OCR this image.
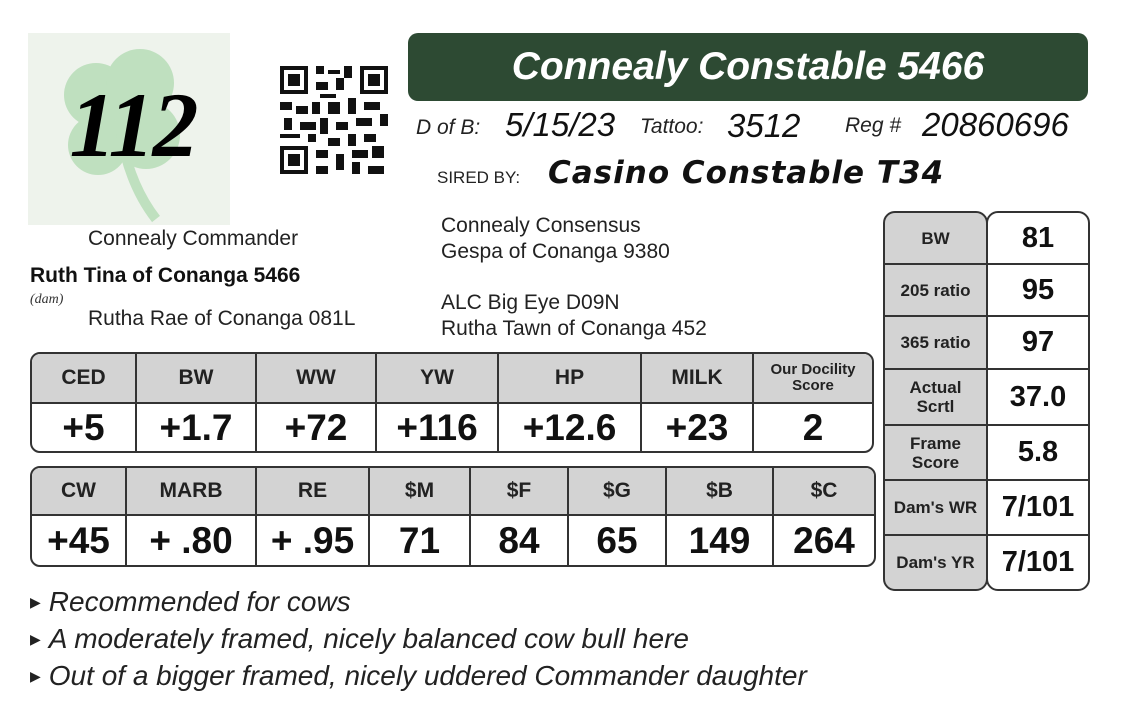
112
Connealy Constable 5466
D of B: 5/15/23 Tattoo: 3512 Reg # 20860696
SIRED BY: Casino Constable T34
Connealy Commander
Ruth Tina of Conanga 5466
(dam)
Rutha Rae of Conanga 081L
Connealy Consensus
Gespa of Conanga 9380
ALC Big Eye D09N
Rutha Tawn of Conanga 452
BW	81
205 ratio	95
365 ratio	97
Actual Scrtl	37.0
Frame Score	5.8
Dam's WR 7/101
Dam's YR 7/101
CED	BW	WW	YW	HP	MILK	Our Docility Score
+5	+1.7	+72	+116	+12.6	+23	2
CW	MARB	RE	$M	$F	$G	$B	$C
+45	+ .80	+ .95	71	84	65	149	264
▶ Recommended for cows
▶ A moderately framed, nicely balanced cow bull here
▶ Out of a bigger framed, nicely uddered Commander daughter
